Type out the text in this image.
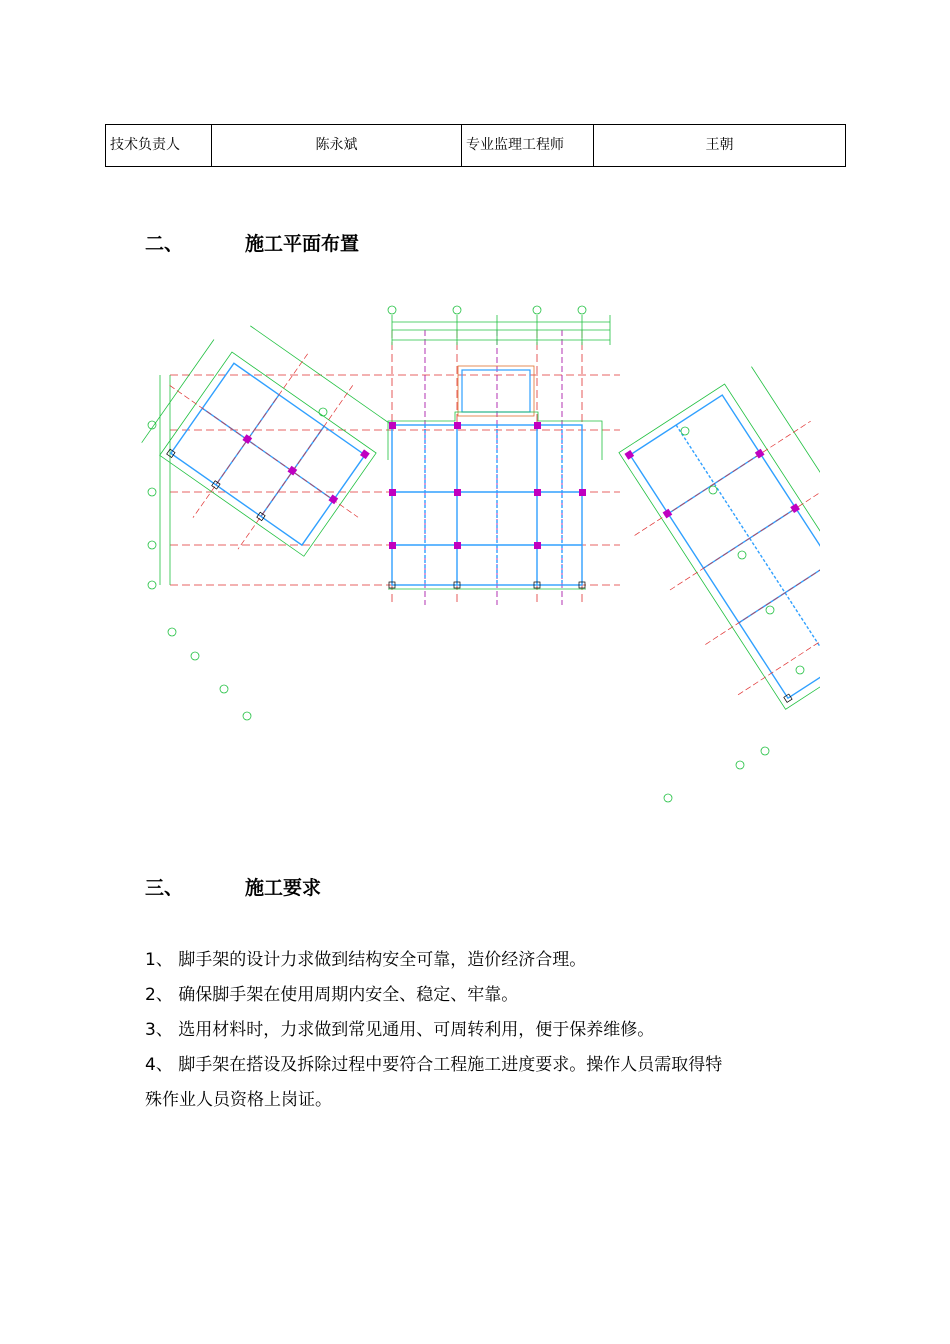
技术负责人	陈永斌	专业监理工程师	王朝
二、	施工平面布置
三、	施工要求
1、 脚手架的设计力求做到结构安全可靠，造价经济合理。
2、 确保脚手架在使用周期内安全、稳定、牢靠。
3、 选用材料时，力求做到常见通用、可周转利用，便于保养维修。
4、 脚手架在搭设及拆除过程中要符合工程施工进度要求。操作人员需取得特
殊作业人员资格上岗证。
